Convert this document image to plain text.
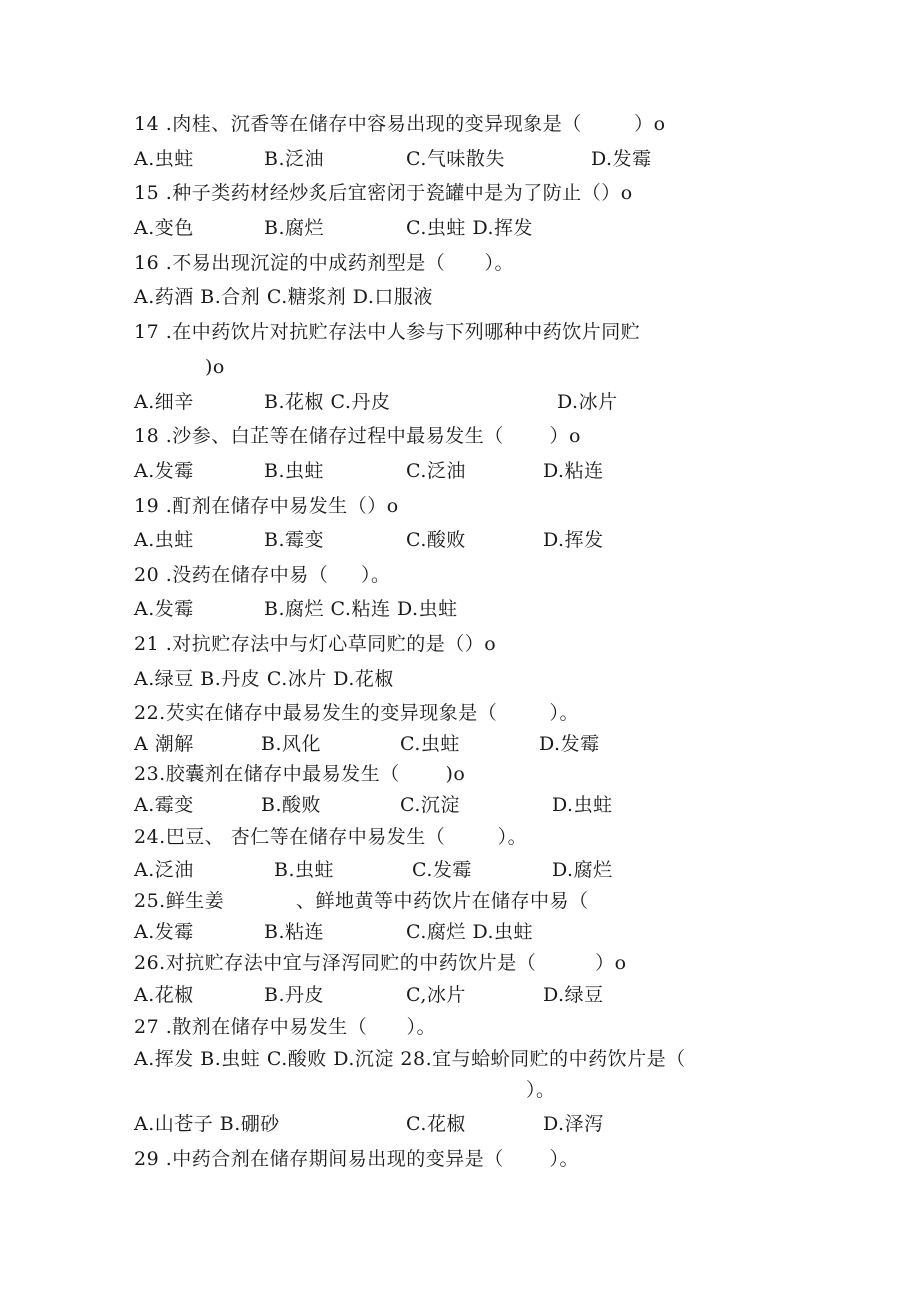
14 .肉桂、沉香等在储存中容易出现的变异现象是（        ）o
A.虫蛀	B.泛油	C.气味散失	D.发霉
15 .种子类药材经炒炙后宜密闭于瓷罐中是为了防止（）o
A.变色	B.腐烂	C.虫蛀 D.挥发
16 .不易出现沉淀的中成药剂型是（      ）。
A.药酒 B.合剂 C.糖浆剂 D.口服液
17 .在中药饮片对抗贮存法中人参与下列哪种中药饮片同贮
)o
A.细辛	B.花椒 C.丹皮	D.冰片
18 .沙参、白芷等在储存过程中最易发生（       ）o
A.发霉	B.虫蛀	C.泛油	D.粘连
19 .酊剂在储存中易发生（）o
A.虫蛀	B.霉变	C.酸败	D.挥发
20 .没药在储存中易（     ）。
A.发霉	B.腐烂 C.粘连 D.虫蛀
21 .对抗贮存法中与灯心草同贮的是（）o
A.绿豆 B.丹皮 C.冰片 D.花椒
22.芡实在储存中最易发生的变异现象是（        ）。
A 潮解	B.风化	C.虫蛀	D.发霉
23.胶囊剂在储存中最易发生（       )o
A.霉变	B.酸败	C.沉淀	D.虫蛀
24.巴豆、 杏仁等在储存中易发生（        ）。
A.泛油	B.虫蛀	C.发霉	D.腐烂
25.鲜生姜	、鲜地黄等中药饮片在储存中易（
A.发霉	B.粘连	C.腐烂 D.虫蛀
26.对抗贮存法中宜与泽泻同贮的中药饮片是（         ）o
A.花椒	B.丹皮	C,冰片	D.绿豆
27 .散剂在储存中易发生（      ）。
A.挥发 B.虫蛀 C.酸败 D.沉淀 28.宜与蛤蚧同贮的中药饮片是（
）。
A.山苍子 B.硼砂	C.花椒	D.泽泻
29 .中药合剂在储存期间易出现的变异是（       ）。
